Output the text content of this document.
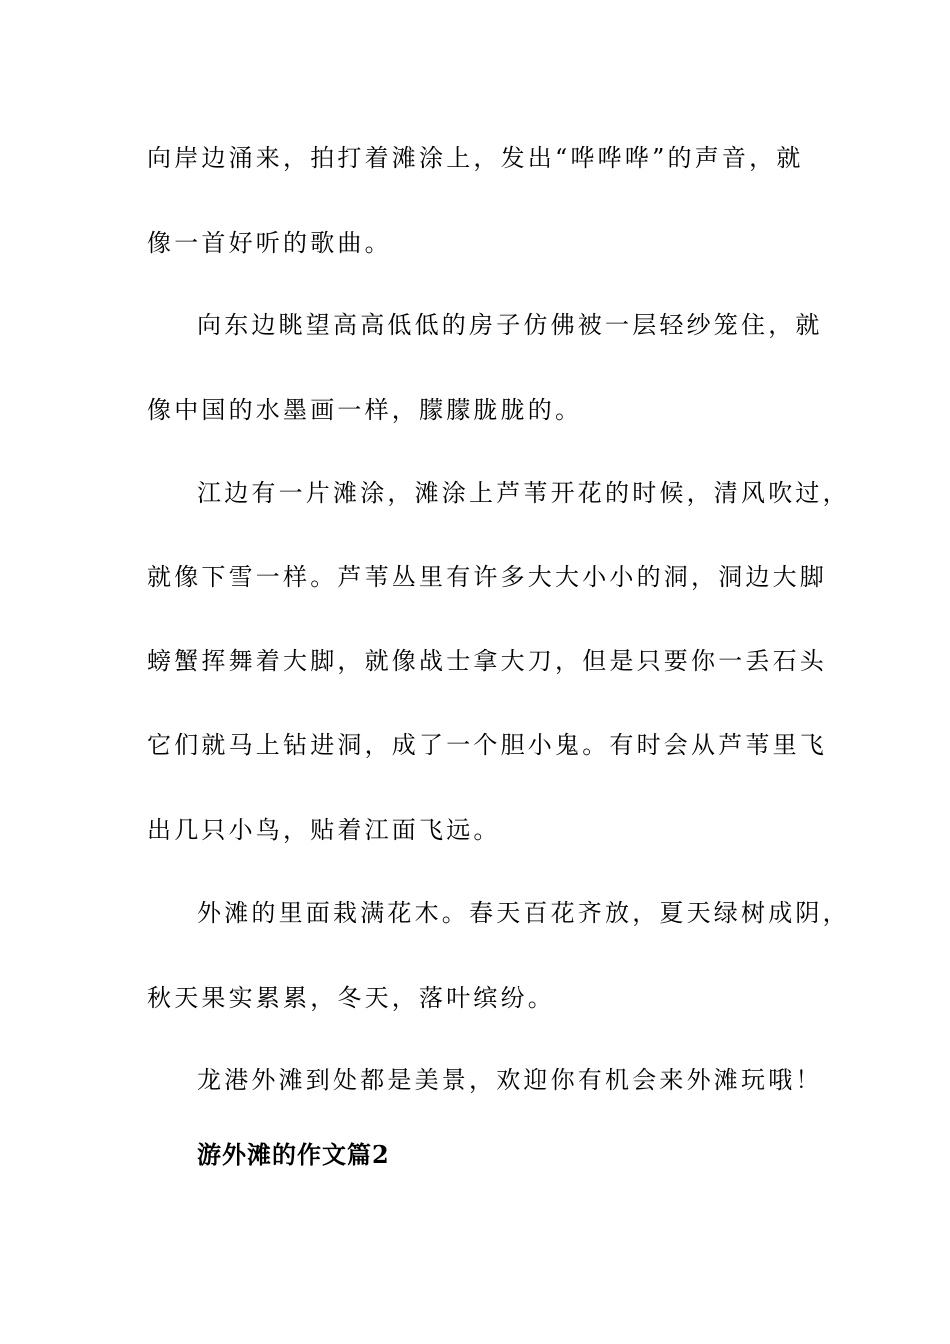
向岸边涌来，拍打着滩涂上，发出“哗哗哗”的声音，就
像一首好听的歌曲。
向东边眺望高高低低的房子仿佛被一层轻纱笼住，就
像中国的水墨画一样，朦朦胧胧的。
江边有一片滩涂，滩涂上芦苇开花的时候，清风吹过，
就像下雪一样。芦苇丛里有许多大大小小的洞，洞边大脚
螃蟹挥舞着大脚，就像战士拿大刀，但是只要你一丢石头
它们就马上钻进洞，成了一个胆小鬼。有时会从芦苇里飞
出几只小鸟，贴着江面飞远。
外滩的里面栽满花木。春天百花齐放，夏天绿树成阴，
秋天果实累累，冬天，落叶缤纷。
龙港外滩到处都是美景，欢迎你有机会来外滩玩哦！
游外滩的作文篇2
